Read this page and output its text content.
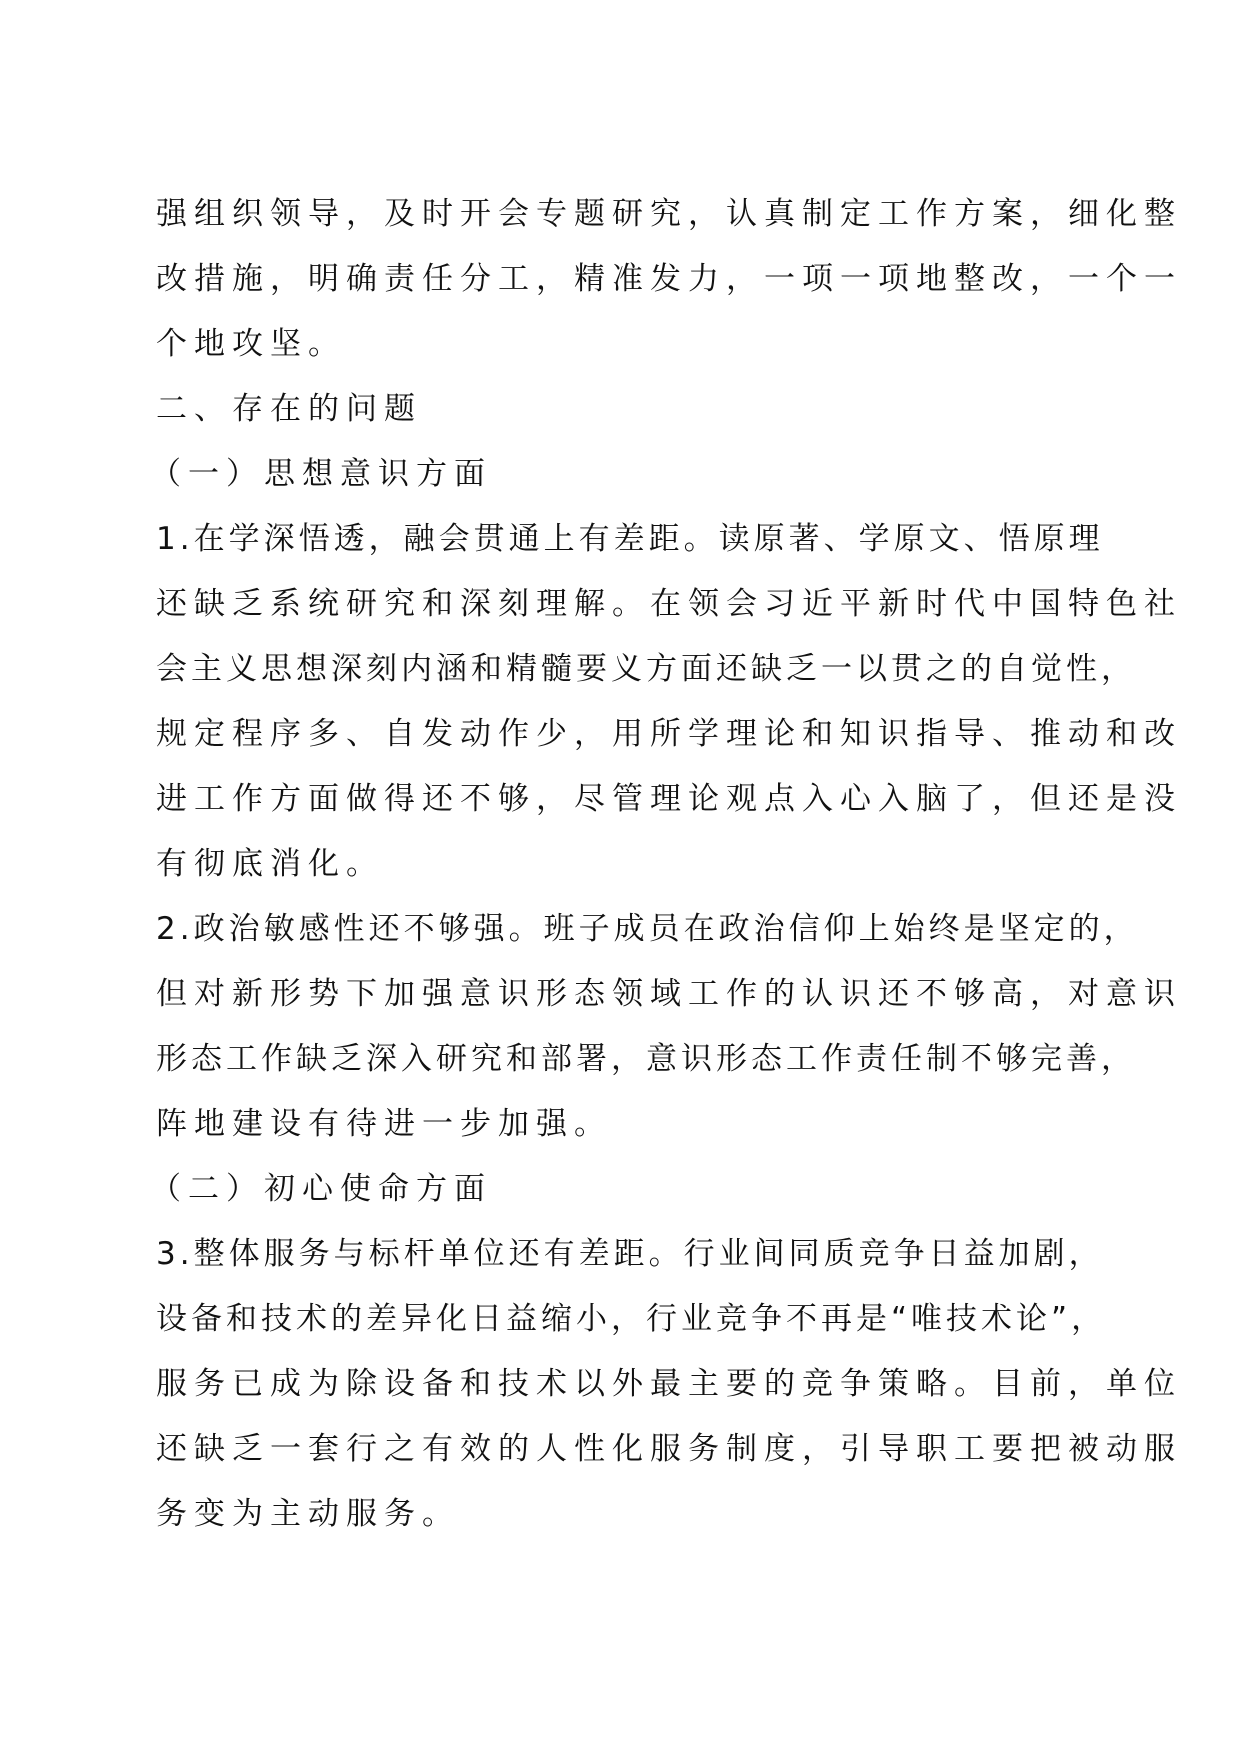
强组织领导，及时开会专题研究，认真制定工作方案，细化整
改措施，明确责任分工，精准发力，一项一项地整改，一个一
个地攻坚。
二、存在的问题
（一）思想意识方面
1.在学深悟透，融会贯通上有差距。读原著、学原文、悟原理
还缺乏系统研究和深刻理解。在领会习近平新时代中国特色社
会主义思想深刻内涵和精髓要义方面还缺乏一以贯之的自觉性，
规定程序多、自发动作少，用所学理论和知识指导、推动和改
进工作方面做得还不够，尽管理论观点入心入脑了，但还是没
有彻底消化。
2.政治敏感性还不够强。班子成员在政治信仰上始终是坚定的，
但对新形势下加强意识形态领域工作的认识还不够高，对意识
形态工作缺乏深入研究和部署，意识形态工作责任制不够完善，
阵地建设有待进一步加强。
（二）初心使命方面
3.整体服务与标杆单位还有差距。行业间同质竞争日益加剧，
设备和技术的差异化日益缩小，行业竞争不再是“唯技术论”，
服务已成为除设备和技术以外最主要的竞争策略。目前，单位
还缺乏一套行之有效的人性化服务制度，引导职工要把被动服
务变为主动服务。
